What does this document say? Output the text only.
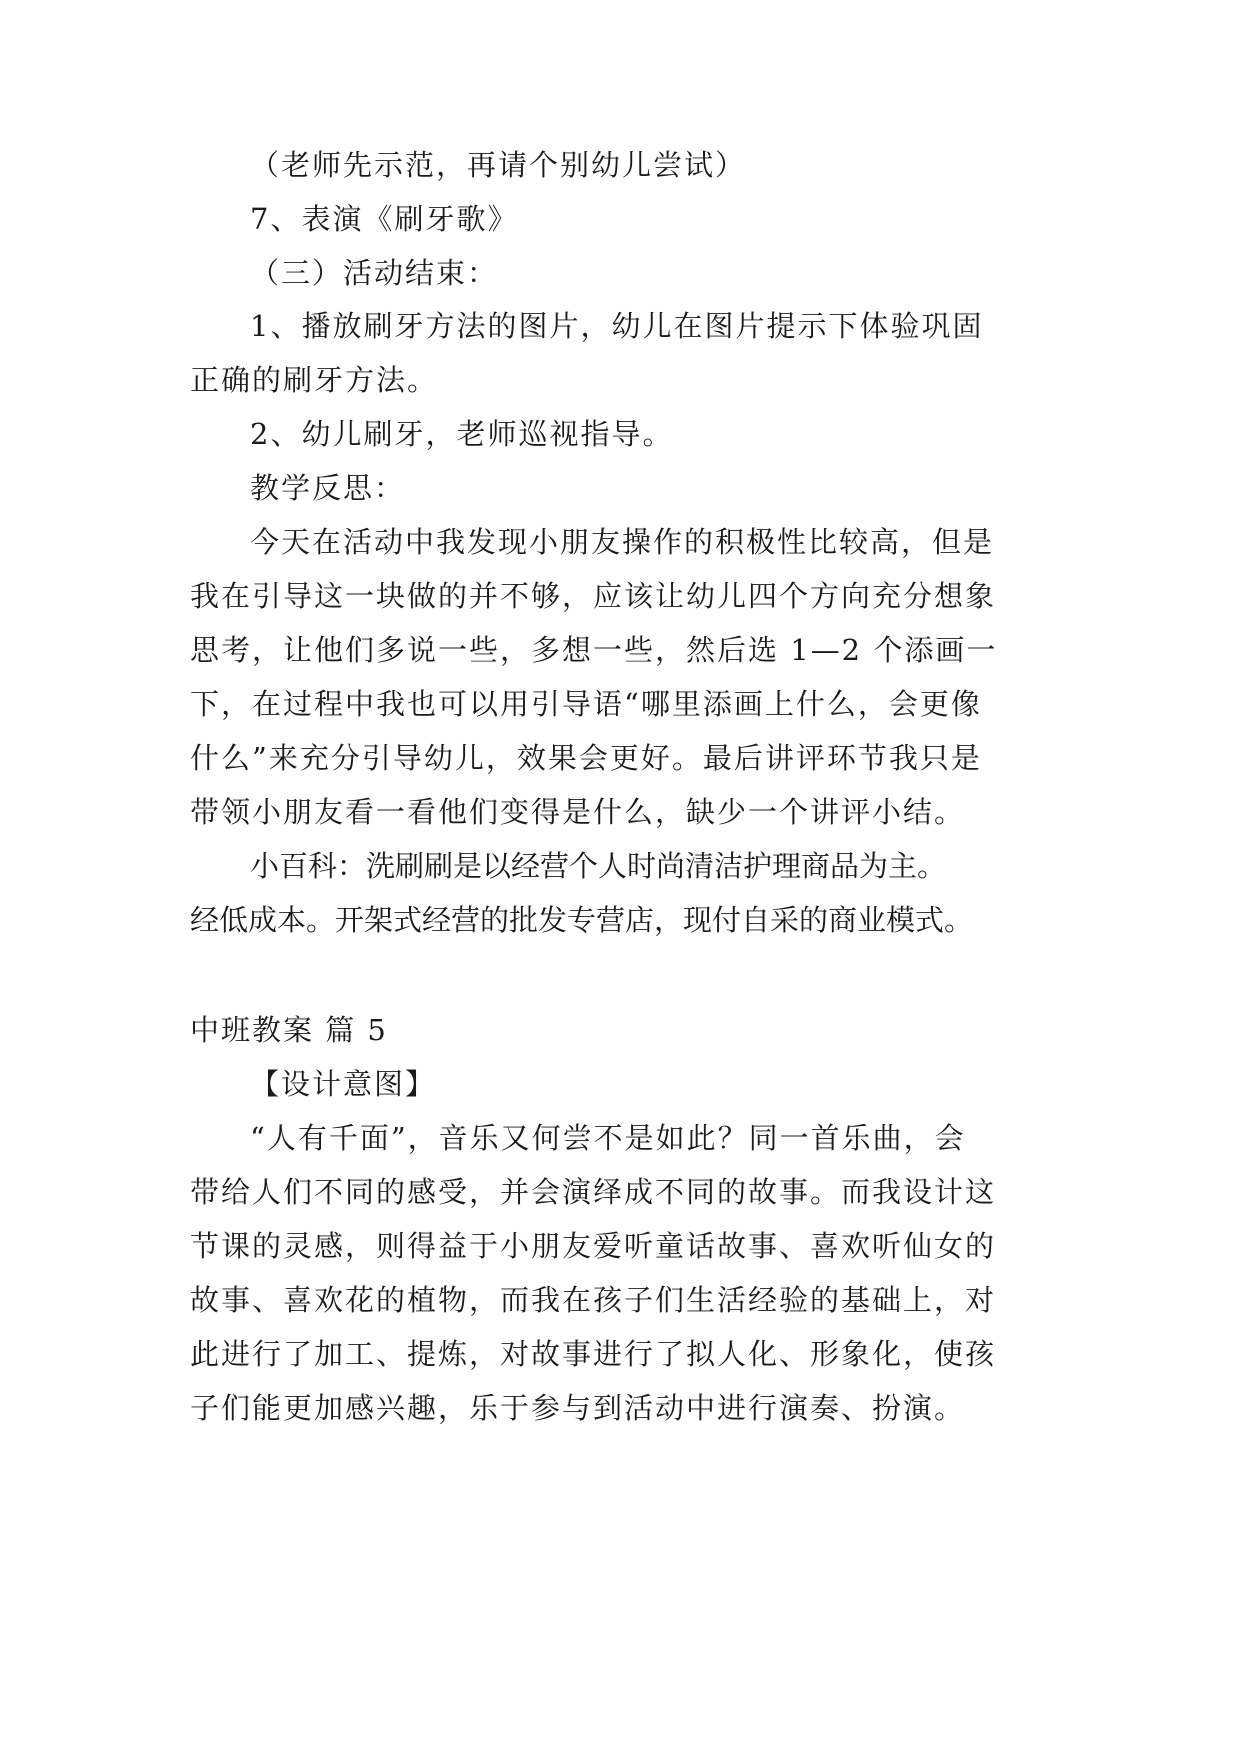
（老师先示范，再请个别幼儿尝试）
7、表演《刷牙歌》
（三）活动结束：
1、播放刷牙方法的图片，幼儿在图片提示下体验巩固
正确的刷牙方法。
2、幼儿刷牙，老师巡视指导。
教学反思：
今天在活动中我发现小朋友操作的积极性比较高，但是
我在引导这一块做的并不够，应该让幼儿四个方向充分想象
思考，让他们多说一些，多想一些，然后选 1—2 个添画一
下，在过程中我也可以用引导语“哪里添画上什么，会更像
什么”来充分引导幼儿，效果会更好。最后讲评环节我只是
带领小朋友看一看他们变得是什么，缺少一个讲评小结。
小百科：洗刷刷是以经营个人时尚清洁护理商品为主。
经低成本。开架式经营的批发专营店，现付自采的商业模式。
中班教案 篇 5
【设计意图】
“人有千面”，音乐又何尝不是如此？同一首乐曲，会
带给人们不同的感受，并会演绎成不同的故事。而我设计这
节课的灵感，则得益于小朋友爱听童话故事、喜欢听仙女的
故事、喜欢花的植物，而我在孩子们生活经验的基础上，对
此进行了加工、提炼，对故事进行了拟人化、形象化，使孩
子们能更加感兴趣，乐于参与到活动中进行演奏、扮演。
